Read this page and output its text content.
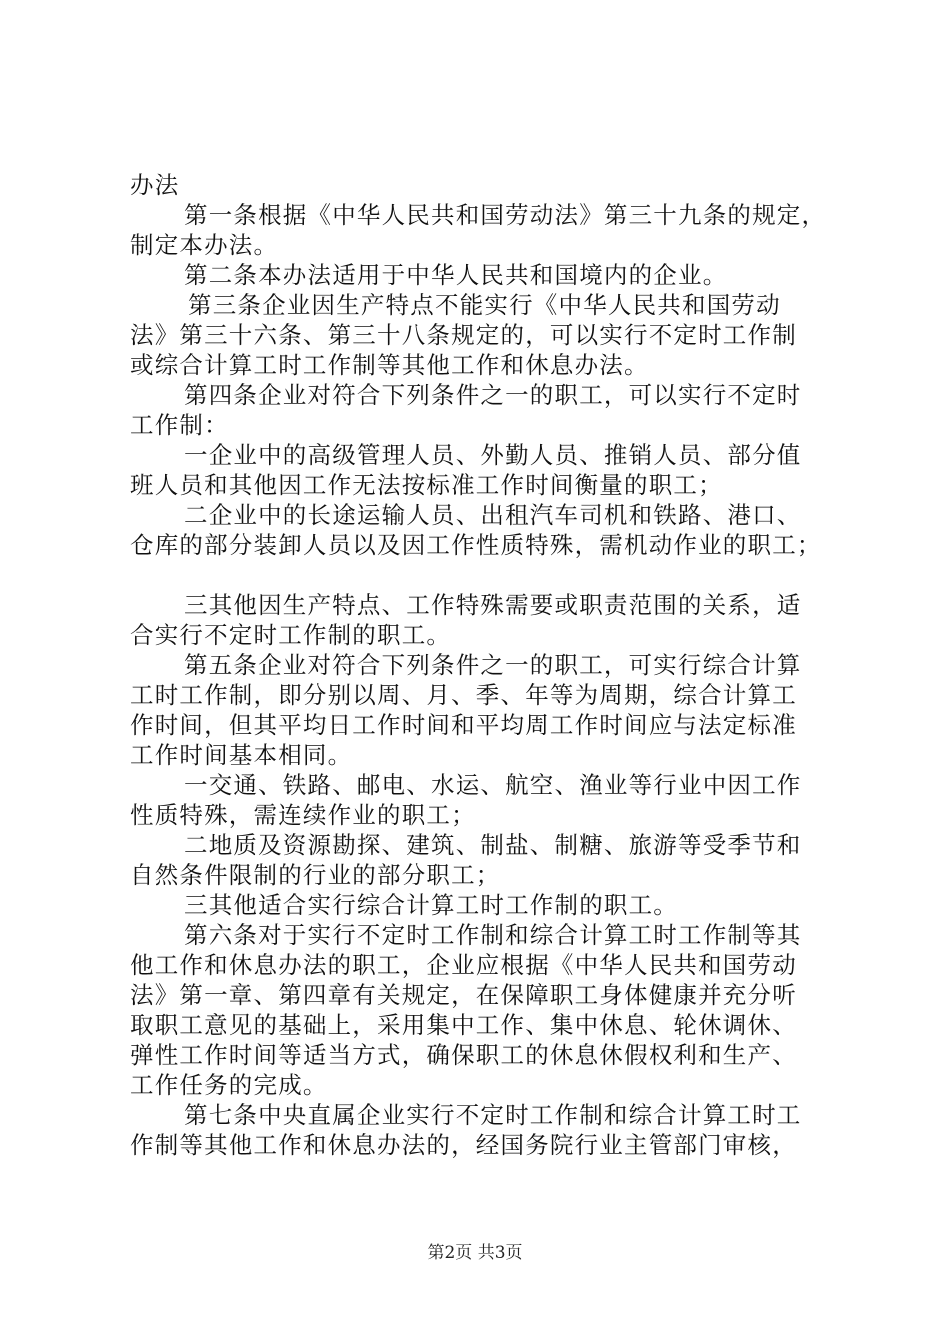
办法
第一条根据《中华人民共和国劳动法》第三十九条的规定，
制定本办法。
第二条本办法适用于中华人民共和国境内的企业。
第三条企业因生产特点不能实行《中华人民共和国劳动
法》第三十六条、第三十八条规定的，可以实行不定时工作制
或综合计算工时工作制等其他工作和休息办法。
第四条企业对符合下列条件之一的职工，可以实行不定时
工作制：
一企业中的高级管理人员、外勤人员、推销人员、部分值
班人员和其他因工作无法按标准工作时间衡量的职工；
二企业中的长途运输人员、出租汽车司机和铁路、港口、
仓库的部分装卸人员以及因工作性质特殊，需机动作业的职工；
三其他因生产特点、工作特殊需要或职责范围的关系，适
合实行不定时工作制的职工。
第五条企业对符合下列条件之一的职工，可实行综合计算
工时工作制，即分别以周、月、季、年等为周期，综合计算工
作时间，但其平均日工作时间和平均周工作时间应与法定标准
工作时间基本相同。
一交通、铁路、邮电、水运、航空、渔业等行业中因工作
性质特殊，需连续作业的职工；
二地质及资源勘探、建筑、制盐、制糖、旅游等受季节和
自然条件限制的行业的部分职工；
三其他适合实行综合计算工时工作制的职工。
第六条对于实行不定时工作制和综合计算工时工作制等其
他工作和休息办法的职工，企业应根据《中华人民共和国劳动
法》第一章、第四章有关规定，在保障职工身体健康并充分听
取职工意见的基础上，采用集中工作、集中休息、轮休调休、
弹性工作时间等适当方式，确保职工的休息休假权利和生产、
工作任务的完成。
第七条中央直属企业实行不定时工作制和综合计算工时工
作制等其他工作和休息办法的，经国务院行业主管部门审核，
第2页 共3页
